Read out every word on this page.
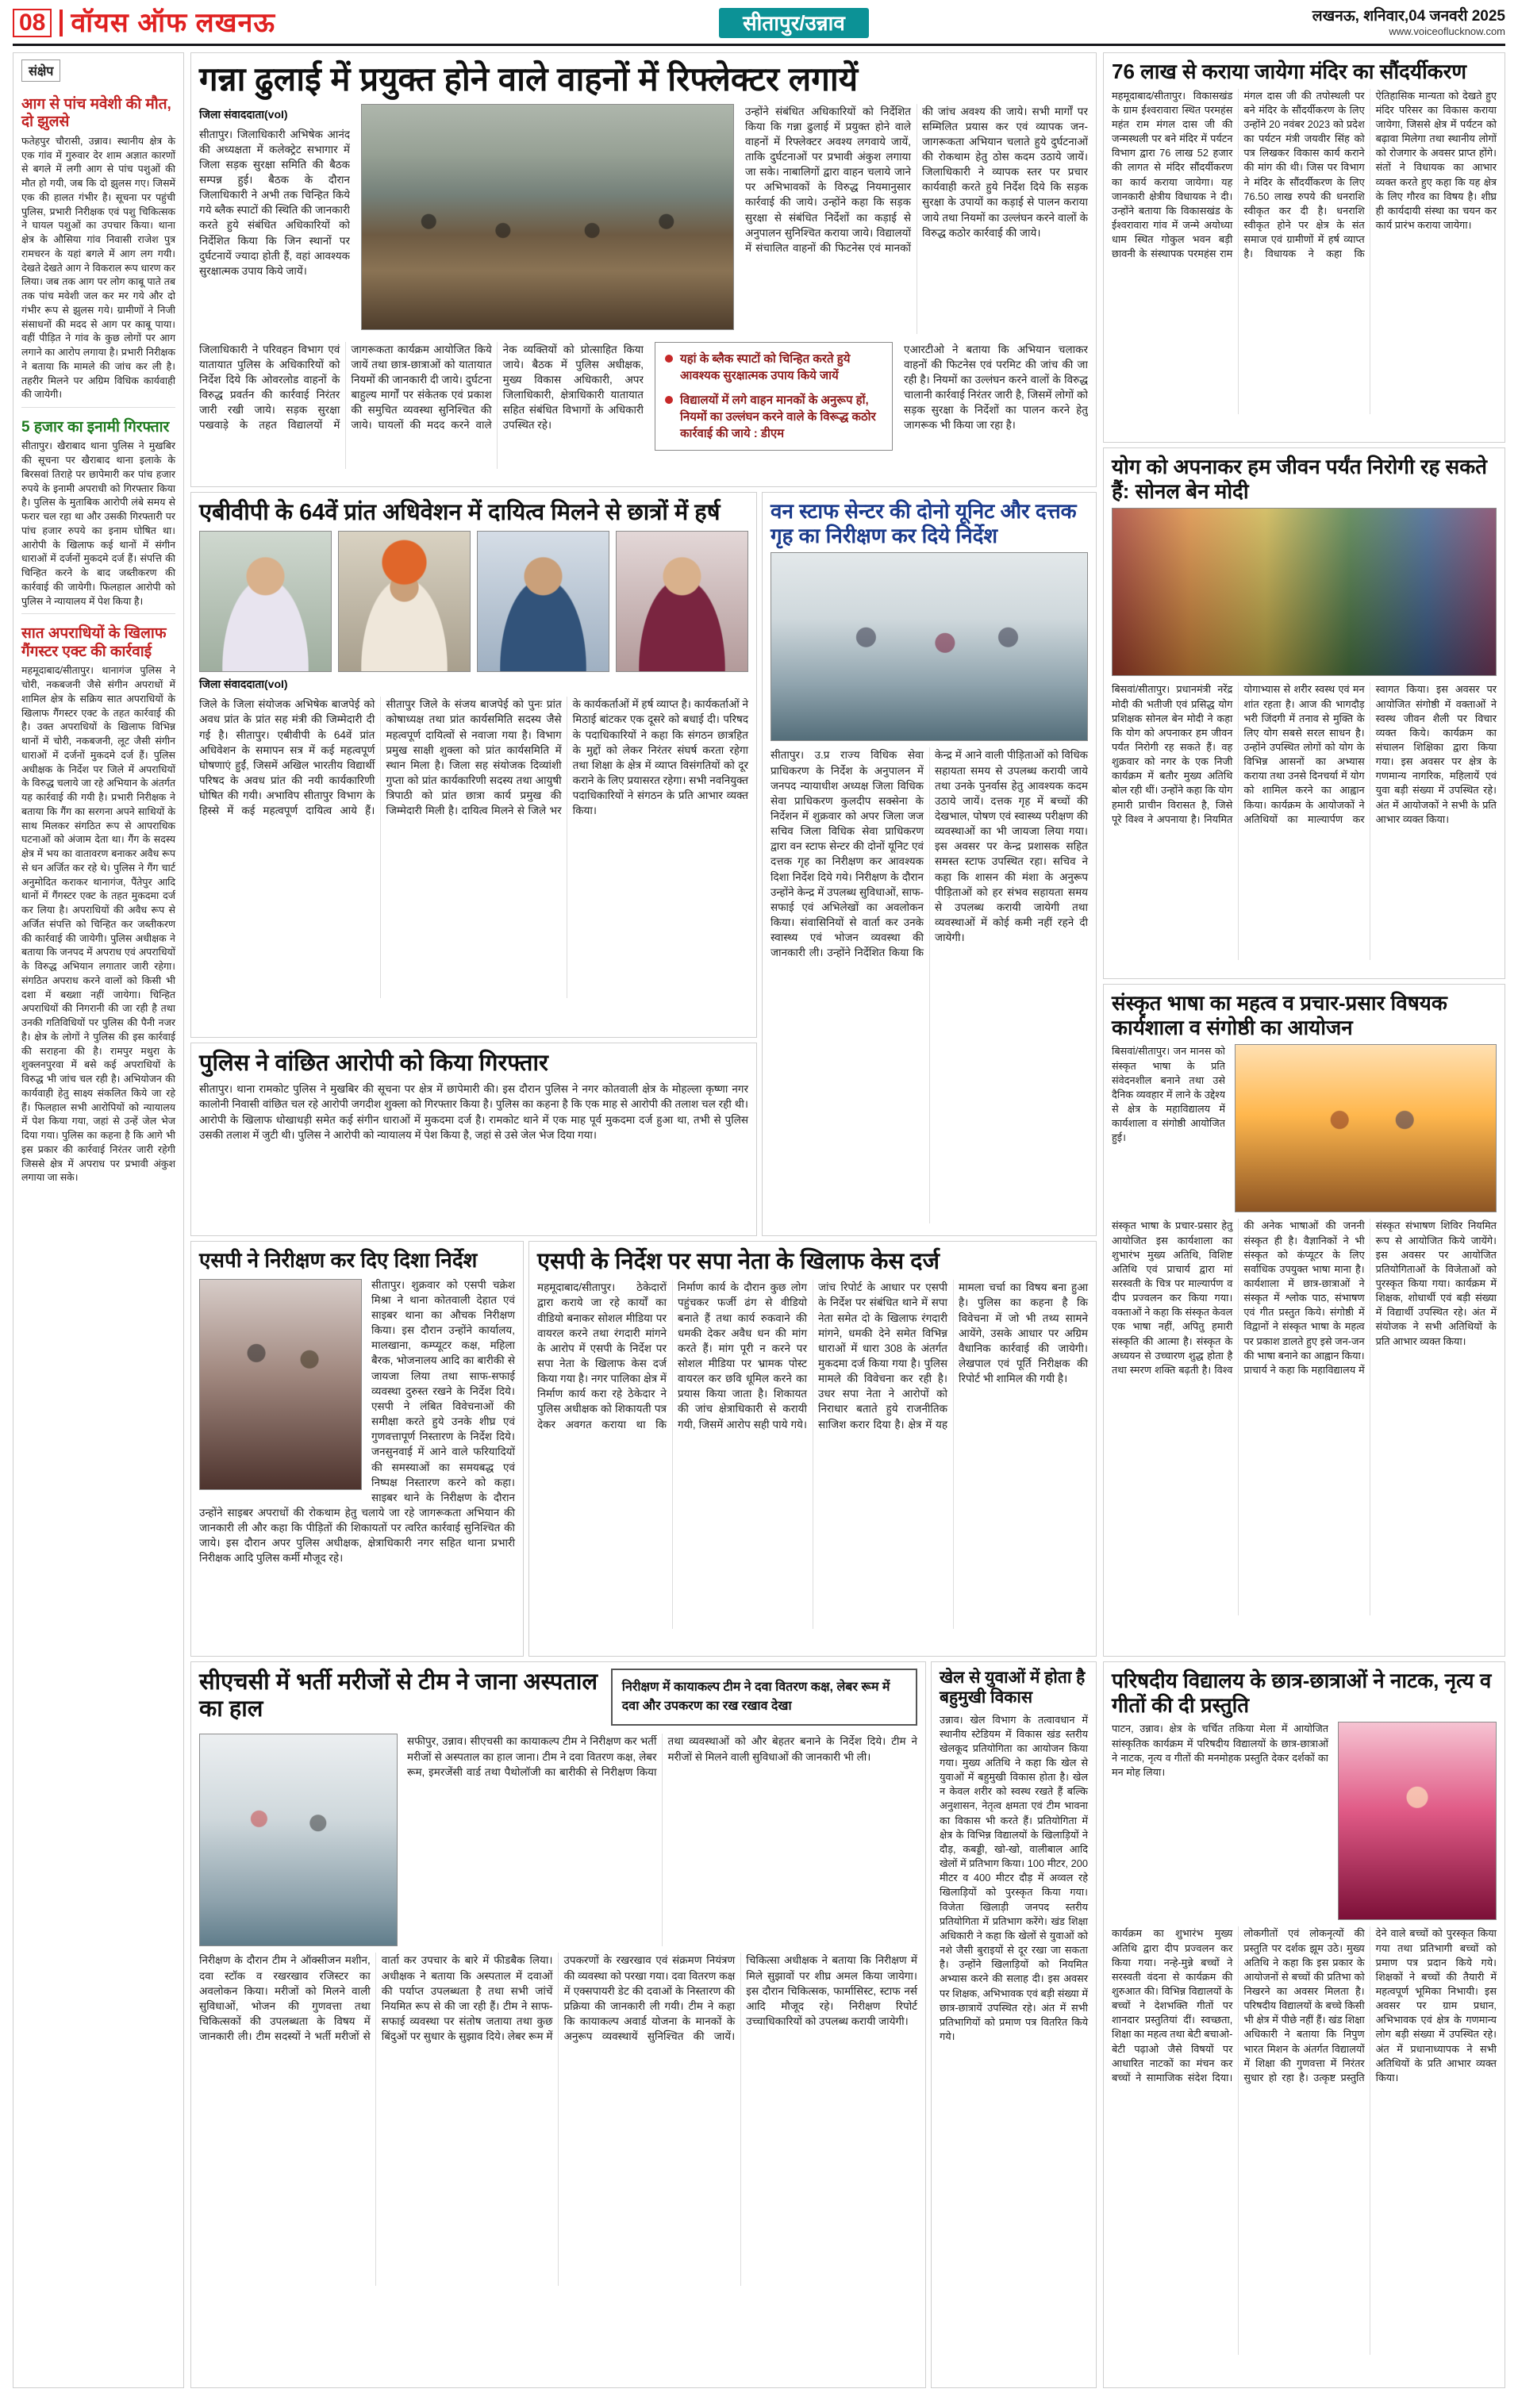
08 वॉयस ऑफ लखनऊ	सीतापुर/उन्नाव	लखनऊ, शनिवार,04 जनवरी 2025
www.voiceoflucknow.com
संक्षेप
आग से पांच मवेशी की मौत, दो झुलसे

फतेहपुर चौरासी, उन्नाव। स्थानीय क्षेत्र के एक गांव में गुरुवार देर शाम अज्ञात कारणों से बगले में लगी आग से पांच पशुओं की मौत हो गयी, जब कि दो झुलस गए। जिसमें एक की हालत गंभीर है। सूचना पर पहुंची पुलिस, प्रभारी निरीक्षक एवं पशु चिकित्सक ने घायल पशुओं का उपचार किया। थाना क्षेत्र के औसिया गांव निवासी राजेश पुत्र रामचरन के यहां बगले में आग लग गयी। देखते देखते आग ने विकराल रूप धारण कर लिया। जब तक आग पर लोग काबू पाते तब तक पांच मवेशी जल कर मर गये और दो गंभीर रूप से झुलस गये। ग्रामीणों ने निजी संसाधनों की मदद से आग पर काबू पाया। वहीं पीड़ित ने गांव के कुछ लोगों पर आग लगाने का आरोप लगाया है। प्रभारी निरीक्षक ने बताया कि मामले की जांच कर ली है। तहरीर मिलने पर अग्रिम विधिक कार्यवाही की जायेगी।

5 हजार का इनामी गिरफ्तार

सीतापुर। खैराबाद थाना पुलिस ने मुखबिर की सूचना पर खैराबाद थाना इलाके के बिरसवां तिराहे पर छापेमारी कर पांच हजार रुपये के इनामी अपराधी को गिरफ्तार किया है। पुलिस के मुताबिक आरोपी लंबे समय से फरार चल रहा था और उसकी गिरफ्तारी पर पांच हजार रुपये का इनाम घोषित था। आरोपी के खिलाफ कई थानों में संगीन धाराओं में दर्जनों मुकदमे दर्ज हैं। संपत्ति की चिन्हित करने के बाद जब्तीकरण की कार्रवाई की जायेगी। फिलहाल आरोपी को पुलिस ने न्यायालय में पेश किया है।

सात अपराधियों के खिलाफ गैंगस्टर एक्ट की कार्रवाई

महमूदाबाद/सीतापुर। थानागंज पुलिस ने चोरी, नकबजनी जैसे संगीन अपराधों में शामिल क्षेत्र के सक्रिय सात अपराधियों के खिलाफ गैंगस्टर एक्ट के तहत कार्रवाई की है। उक्त अपराधियों के खिलाफ विभिन्न थानों में चोरी, नकबजनी, लूट जैसी संगीन धाराओं में दर्जनों मुकदमे दर्ज हैं। पुलिस अधीक्षक के निर्देश पर जिले में अपराधियों के विरुद्ध चलाये जा रहे अभियान के अंतर्गत यह कार्रवाई की गयी है। प्रभारी निरीक्षक ने बताया कि गैंग का सरगना अपने साथियों के साथ मिलकर संगठित रूप से आपराधिक घटनाओं को अंजाम देता था। गैंग के सदस्य क्षेत्र में भय का वातावरण बनाकर अवैध रूप से धन अर्जित कर रहे थे। पुलिस ने गैंग चार्ट अनुमोदित कराकर थानागंज, पैंतेपुर आदि थानों में गैंगस्टर एक्ट के तहत मुकदमा दर्ज कर लिया है। अपराधियों की अवैध रूप से अर्जित संपत्ति को चिन्हित कर जब्तीकरण की कार्रवाई की जायेगी। पुलिस अधीक्षक ने बताया कि जनपद में अपराध एवं अपराधियों के विरुद्ध अभियान लगातार जारी रहेगा। संगठित अपराध करने वालों को किसी भी दशा में बख्शा नहीं जायेगा। चिन्हित अपराधियों की निगरानी की जा रही है तथा उनकी गतिविधियों पर पुलिस की पैनी नजर है। क्षेत्र के लोगों ने पुलिस की इस कार्रवाई की सराहना की है। रामपुर मथुरा के शुक्लनपुरवा में बसे कई अपराधियों के विरुद्ध भी जांच चल रही है। अभियोजन की कार्यवाही हेतु साक्ष्य संकलित किये जा रहे हैं। फिलहाल सभी आरोपियों को न्यायालय में पेश किया गया, जहां से उन्हें जेल भेज दिया गया। पुलिस का कहना है कि आगे भी इस प्रकार की कार्रवाई निरंतर जारी रहेगी जिससे क्षेत्र में अपराध पर प्रभावी अंकुश लगाया जा सके।

गन्ना ढुलाई में प्रयुक्त होने वाले वाहनों में रिफ्लेक्टर लगायें
जिला संवाददाता(voI)

सीतापुर। जिलाधिकारी अभिषेक आनंद की अध्यक्षता में कलेक्ट्रेट सभागार में जिला सड़क सुरक्षा समिति की बैठक सम्पन्न हुई। बैठक के दौरान जिलाधिकारी ने अभी तक चिन्हित किये गये ब्लैक स्पाटों की स्थिति की जानकारी करते हुये संबंधित अधिकारियों को निर्देशित किया कि जिन स्थानों पर दुर्घटनायें ज्यादा होती हैं, वहां आवश्यक सुरक्षात्मक उपाय किये जायें।

उन्होंने संबंधित अधिकारियों को निर्देशित किया कि गन्ना ढुलाई में प्रयुक्त होने वाले वाहनों में रिफ्लेक्टर अवश्य लगवाये जायें, ताकि दुर्घटनाओं पर प्रभावी अंकुश लगाया जा सके। नाबालिगों द्वारा वाहन चलाये जाने पर अभिभावकों के विरुद्ध नियमानुसार कार्रवाई की जाये। उन्होंने कहा कि सड़क सुरक्षा से संबंधित निर्देशों का कड़ाई से अनुपालन सुनिश्चित कराया जाये। विद्यालयों में संचालित वाहनों की फिटनेस एवं मानकों की जांच अवश्य की जाये। सभी मार्गों पर सम्मिलित प्रयास कर एवं व्यापक जन-जागरूकता अभियान चलाते हुये दुर्घटनाओं की रोकथाम हेतु ठोस कदम उठाये जायें। जिलाधिकारी ने व्यापक स्तर पर प्रचार कार्यवाही करते हुये निर्देश दिये कि सड़क सुरक्षा के उपायों का कड़ाई से पालन कराया जाये तथा नियमों का उल्लंघन करने वालों के विरुद्ध कठोर कार्रवाई की जाये।

जिलाधिकारी ने परिवहन विभाग एवं यातायात पुलिस के अधिकारियों को निर्देश दिये कि ओवरलोड वाहनों के विरुद्ध प्रवर्तन की कार्रवाई निरंतर जारी रखी जाये। सड़क सुरक्षा पखवाड़े के तहत विद्यालयों में जागरूकता कार्यक्रम आयोजित किये जायें तथा छात्र-छात्राओं को यातायात नियमों की जानकारी दी जाये। दुर्घटना बाहुल्य मार्गों पर संकेतक एवं प्रकाश की समुचित व्यवस्था सुनिश्चित की जाये। घायलों की मदद करने वाले नेक व्यक्तियों को प्रोत्साहित किया जाये। बैठक में पुलिस अधीक्षक, मुख्य विकास अधिकारी, अपर जिलाधिकारी, क्षेत्राधिकारी यातायात सहित संबंधित विभागों के अधिकारी उपस्थित रहे।

यहां के ब्लैक स्पाटों को चिन्हित करते हुये आवश्यक सुरक्षात्मक उपाय किये जायें
विद्यालयों में लगे वाहन मानकों के अनुरूप हों, नियमों का उल्लंघन करने वाले के विरूद्ध कठोर कार्रवाई की जाये : डीएम

एआरटीओ ने बताया कि अभियान चलाकर वाहनों की फिटनेस एवं परमिट की जांच की जा रही है। नियमों का उल्लंघन करने वालों के विरुद्ध चालानी कार्रवाई निरंतर जारी है, जिसमें लोगों को सड़क सुरक्षा के निर्देशों का पालन करने हेतु जागरूक भी किया जा रहा है।

एबीवीपी के 64वें प्रांत अधिवेशन में दायित्व मिलने से छात्रों में हर्ष
जिला संवाददाता(voI)

जिले के जिला संयोजक अभिषेक बाजपेई को अवध प्रांत के प्रांत सह मंत्री की जिम्मेदारी दी गई है। सीतापुर। एबीवीपी के 64वें प्रांत अधिवेशन के समापन सत्र में कई महत्वपूर्ण घोषणाएं हुईं, जिसमें अखिल भारतीय विद्यार्थी परिषद के अवध प्रांत की नयी कार्यकारिणी घोषित की गयी। अभाविप सीतापुर विभाग के हिस्से में कई महत्वपूर्ण दायित्व आये हैं। सीतापुर जिले के संजय बाजपेई को पुनः प्रांत कोषाध्यक्ष तथा प्रांत कार्यसमिति सदस्य जैसे महत्वपूर्ण दायित्वों से नवाजा गया है। विभाग प्रमुख साक्षी शुक्ला को प्रांत कार्यसमिति में स्थान मिला है। जिला सह संयोजक दिव्यांशी गुप्ता को प्रांत कार्यकारिणी सदस्य तथा आयुषी त्रिपाठी को प्रांत छात्रा कार्य प्रमुख की जिम्मेदारी मिली है। दायित्व मिलने से जिले भर के कार्यकर्ताओं में हर्ष व्याप्त है। कार्यकर्ताओं ने मिठाई बांटकर एक दूसरे को बधाई दी। परिषद के पदाधिकारियों ने कहा कि संगठन छात्रहित के मुद्दों को लेकर निरंतर संघर्ष करता रहेगा तथा शिक्षा के क्षेत्र में व्याप्त विसंगतियों को दूर कराने के लिए प्रयासरत रहेगा। सभी नवनियुक्त पदाधिकारियों ने संगठन के प्रति आभार व्यक्त किया।

वन स्टाफ सेन्टर की दोनो यूनिट और दत्तक गृह का निरीक्षण कर दिये निर्देश

सीतापुर। उ.प्र राज्य विधिक सेवा प्राधिकरण के निर्देश के अनुपालन में जनपद न्यायाधीश अध्यक्ष जिला विधिक सेवा प्राधिकरण कुलदीप सक्सेना के निर्देशन में शुक्रवार को अपर जिला जज सचिव जिला विधिक सेवा प्राधिकरण द्वारा वन स्टाफ सेन्टर की दोनों यूनिट एवं दत्तक गृह का निरीक्षण कर आवश्यक दिशा निर्देश दिये गये। निरीक्षण के दौरान उन्होंने केन्द्र में उपलब्ध सुविधाओं, साफ-सफाई एवं अभिलेखों का अवलोकन किया। संवासिनियों से वार्ता कर उनके स्वास्थ्य एवं भोजन व्यवस्था की जानकारी ली। उन्होंने निर्देशित किया कि केन्द्र में आने वाली पीड़िताओं को विधिक सहायता समय से उपलब्ध करायी जाये तथा उनके पुनर्वास हेतु आवश्यक कदम उठाये जायें। दत्तक गृह में बच्चों की देखभाल, पोषण एवं स्वास्थ्य परीक्षण की व्यवस्थाओं का भी जायजा लिया गया। इस अवसर पर केन्द्र प्रशासक सहित समस्त स्टाफ उपस्थित रहा। सचिव ने कहा कि शासन की मंशा के अनुरूप पीड़िताओं को हर संभव सहायता समय से उपलब्ध करायी जायेगी तथा व्यवस्थाओं में कोई कमी नहीं रहने दी जायेगी।

पुलिस ने वांछित आरोपी को किया गिरफ्तार

सीतापुर। थाना रामकोट पुलिस ने मुखबिर की सूचना पर क्षेत्र में छापेमारी की। इस दौरान पुलिस ने नगर कोतवाली क्षेत्र के मोहल्ला कृष्णा नगर कालोनी निवासी वांछित चल रहे आरोपी जगदीश शुक्ला को गिरफ्तार किया है। पुलिस का कहना है कि एक माह से आरोपी की तलाश चल रही थी। आरोपी के खिलाफ धोखाधड़ी समेत कई संगीन धाराओं में मुकदमा दर्ज है। रामकोट थाने में एक माह पूर्व मुकदमा दर्ज हुआ था, तभी से पुलिस उसकी तलाश में जुटी थी। पुलिस ने आरोपी को न्यायालय में पेश किया है, जहां से उसे जेल भेज दिया गया।

एसपी ने निरीक्षण कर दिए दिशा निर्देश

सीतापुर। शुक्रवार को एसपी चक्रेश मिश्रा ने थाना कोतवाली देहात एवं साइबर थाना का औचक निरीक्षण किया। इस दौरान उन्होंने कार्यालय, मालखाना, कम्प्यूटर कक्ष, महिला बैरक, भोजनालय आदि का बारीकी से जायजा लिया तथा साफ-सफाई व्यवस्था दुरुस्त रखने के निर्देश दिये। एसपी ने लंबित विवेचनाओं की समीक्षा करते हुये उनके शीघ्र एवं गुणवत्तापूर्ण निस्तारण के निर्देश दिये। जनसुनवाई में आने वाले फरियादियों की समस्याओं का समयबद्ध एवं निष्पक्ष निस्तारण करने को कहा। साइबर थाने के निरीक्षण के दौरान उन्होंने साइबर अपराधों की रोकथाम हेतु चलाये जा रहे जागरूकता अभियान की जानकारी ली और कहा कि पीड़ितों की शिकायतों पर त्वरित कार्रवाई सुनिश्चित की जाये। इस दौरान अपर पुलिस अधीक्षक, क्षेत्राधिकारी नगर सहित थाना प्रभारी निरीक्षक आदि पुलिस कर्मी मौजूद रहे।

एसपी के निर्देश पर सपा नेता के खिलाफ केस दर्ज

महमूदाबाद/सीतापुर। ठेकेदारों द्वारा कराये जा रहे कार्यों का वीडियो बनाकर सोशल मीडिया पर वायरल करने तथा रंगदारी मांगने के आरोप में एसपी के निर्देश पर सपा नेता के खिलाफ केस दर्ज किया गया है। नगर पालिका क्षेत्र में निर्माण कार्य करा रहे ठेकेदार ने पुलिस अधीक्षक को शिकायती पत्र देकर अवगत कराया था कि निर्माण कार्य के दौरान कुछ लोग पहुंचकर फर्जी ढंग से वीडियो बनाते हैं तथा कार्य रुकवाने की धमकी देकर अवैध धन की मांग करते हैं। मांग पूरी न करने पर सोशल मीडिया पर भ्रामक पोस्ट वायरल कर छवि धूमिल करने का प्रयास किया जाता है। शिकायत की जांच क्षेत्राधिकारी से करायी गयी, जिसमें आरोप सही पाये गये। जांच रिपोर्ट के आधार पर एसपी के निर्देश पर संबंधित थाने में सपा नेता समेत दो के खिलाफ रंगदारी मांगने, धमकी देने समेत विभिन्न धाराओं में धारा 308 के अंतर्गत मुकदमा दर्ज किया गया है। पुलिस मामले की विवेचना कर रही है। उधर सपा नेता ने आरोपों को निराधार बताते हुये राजनीतिक साजिश करार दिया है। क्षेत्र में यह मामला चर्चा का विषय बना हुआ है। पुलिस का कहना है कि विवेचना में जो भी तथ्य सामने आयेंगे, उसके आधार पर अग्रिम वैधानिक कार्रवाई की जायेगी। लेखपाल एवं पूर्ति निरीक्षक की रिपोर्ट भी शामिल की गयी है।

सीएचसी में भर्ती मरीजों से टीम ने जाना अस्पताल का हाल
निरीक्षण में कायाकल्प टीम ने दवा वितरण कक्ष, लेबर रूम में दवा और उपकरण का रख रखाव देखा

सफीपुर, उन्नाव। सीएचसी का कायाकल्प टीम ने निरीक्षण कर भर्ती मरीजों से अस्पताल का हाल जाना। टीम ने दवा वितरण कक्ष, लेबर रूम, इमरजेंसी वार्ड तथा पैथोलॉजी का बारीकी से निरीक्षण किया तथा व्यवस्थाओं को और बेहतर बनाने के निर्देश दिये। टीम ने मरीजों से मिलने वाली सुविधाओं की जानकारी भी ली।

निरीक्षण के दौरान टीम ने ऑक्सीजन मशीन, दवा स्टॉक व रखरखाव रजिस्टर का अवलोकन किया। मरीजों को मिलने वाली सुविधाओं, भोजन की गुणवत्ता तथा चिकित्सकों की उपलब्धता के विषय में जानकारी ली। टीम सदस्यों ने भर्ती मरीजों से वार्ता कर उपचार के बारे में फीडबैक लिया। अधीक्षक ने बताया कि अस्पताल में दवाओं की पर्याप्त उपलब्धता है तथा सभी जांचें नियमित रूप से की जा रही हैं। टीम ने साफ-सफाई व्यवस्था पर संतोष जताया तथा कुछ बिंदुओं पर सुधार के सुझाव दिये। लेबर रूम में उपकरणों के रखरखाव एवं संक्रमण नियंत्रण की व्यवस्था को परखा गया। दवा वितरण कक्ष में एक्सपायरी डेट की दवाओं के निस्तारण की प्रक्रिया की जानकारी ली गयी। टीम ने कहा कि कायाकल्प अवार्ड योजना के मानकों के अनुरूप व्यवस्थायें सुनिश्चित की जायें। चिकित्सा अधीक्षक ने बताया कि निरीक्षण में मिले सुझावों पर शीघ्र अमल किया जायेगा। इस दौरान चिकित्सक, फार्मासिस्ट, स्टाफ नर्स आदि मौजूद रहे। निरीक्षण रिपोर्ट उच्चाधिकारियों को उपलब्ध करायी जायेगी।

खेल से युवाओं में होता है बहुमुखी विकास

उन्नाव। खेल विभाग के तत्वावधान में स्थानीय स्टेडियम में विकास खंड स्तरीय खेलकूद प्रतियोगिता का आयोजन किया गया। मुख्य अतिथि ने कहा कि खेल से युवाओं में बहुमुखी विकास होता है। खेल न केवल शरीर को स्वस्थ रखते हैं बल्कि अनुशासन, नेतृत्व क्षमता एवं टीम भावना का विकास भी करते हैं। प्रतियोगिता में क्षेत्र के विभिन्न विद्यालयों के खिलाड़ियों ने दौड़, कबड्डी, खो-खो, वालीबाल आदि खेलों में प्रतिभाग किया। 100 मीटर, 200 मीटर व 400 मीटर दौड़ में अव्वल रहे खिलाड़ियों को पुरस्कृत किया गया। विजेता खिलाड़ी जनपद स्तरीय प्रतियोगिता में प्रतिभाग करेंगे। खंड शिक्षा अधिकारी ने कहा कि खेलों से युवाओं को नशे जैसी बुराइयों से दूर रखा जा सकता है। उन्होंने खिलाड़ियों को नियमित अभ्यास करने की सलाह दी। इस अवसर पर शिक्षक, अभिभावक एवं बड़ी संख्या में छात्र-छात्रायें उपस्थित रहे। अंत में सभी प्रतिभागियों को प्रमाण पत्र वितरित किये गये।

76 लाख से कराया जायेगा मंदिर का सौंदर्यीकरण

महमूदाबाद/सीतापुर। विकासखंड के ग्राम ईश्वरावारा स्थित परमहंस महंत राम मंगल दास जी की जन्मस्थली पर बने मंदिर में पर्यटन विभाग द्वारा 76 लाख 52 हजार की लागत से मंदिर सौंदर्यीकरण का कार्य कराया जायेगा। यह जानकारी क्षेत्रीय विधायक ने दी। उन्होंने बताया कि विकासखंड के ईश्वरावारा गांव में जन्मे अयोध्या धाम स्थित गोकुल भवन बड़ी छावनी के संस्थापक परमहंस राम मंगल दास जी की तपोस्थली पर बने मंदिर के सौंदर्यीकरण के लिए उन्होंने 20 नवंबर 2023 को प्रदेश का पर्यटन मंत्री जयवीर सिंह को पत्र लिखकर विकास कार्य कराने की मांग की थी। जिस पर विभाग ने मंदिर के सौंदर्यीकरण के लिए 76.50 लाख रुपये की धनराशि स्वीकृत कर दी है। धनराशि स्वीकृत होने पर क्षेत्र के संत समाज एवं ग्रामीणों में हर्ष व्याप्त है। विधायक ने कहा कि ऐतिहासिक मान्यता को देखते हुए मंदिर परिसर का विकास कराया जायेगा, जिससे क्षेत्र में पर्यटन को बढ़ावा मिलेगा तथा स्थानीय लोगों को रोजगार के अवसर प्राप्त होंगे। संतों ने विधायक का आभार व्यक्त करते हुए कहा कि यह क्षेत्र के लिए गौरव का विषय है। शीघ्र ही कार्यदायी संस्था का चयन कर कार्य प्रारंभ कराया जायेगा।

योग को अपनाकर हम जीवन पर्यंत निरोगी रह सकते हैं: सोनल बेन मोदी

बिसवां/सीतापुर। प्रधानमंत्री नरेंद्र मोदी की भतीजी एवं प्रसिद्ध योग प्रशिक्षक सोनल बेन मोदी ने कहा कि योग को अपनाकर हम जीवन पर्यंत निरोगी रह सकते हैं। वह शुक्रवार को नगर के एक निजी कार्यक्रम में बतौर मुख्य अतिथि बोल रही थीं। उन्होंने कहा कि योग हमारी प्राचीन विरासत है, जिसे पूरे विश्व ने अपनाया है। नियमित योगाभ्यास से शरीर स्वस्थ एवं मन शांत रहता है। आज की भागदौड़ भरी जिंदगी में तनाव से मुक्ति के लिए योग सबसे सरल साधन है। उन्होंने उपस्थित लोगों को योग के विभिन्न आसनों का अभ्यास कराया तथा उनसे दिनचर्या में योग को शामिल करने का आह्वान किया। कार्यक्रम के आयोजकों ने अतिथियों का माल्यार्पण कर स्वागत किया। इस अवसर पर आयोजित संगोष्ठी में वक्ताओं ने स्वस्थ जीवन शैली पर विचार व्यक्त किये। कार्यक्रम का संचालन शिक्षिका द्वारा किया गया। इस अवसर पर क्षेत्र के गणमान्य नागरिक, महिलायें एवं युवा बड़ी संख्या में उपस्थित रहे। अंत में आयोजकों ने सभी के प्रति आभार व्यक्त किया।

संस्कृत भाषा का महत्व व प्रचार-प्रसार विषयक कार्यशाला व संगोष्ठी का आयोजन

बिसवां/सीतापुर। जन मानस को संस्कृत भाषा के प्रति संवेदनशील बनाने तथा उसे दैनिक व्यवहार में लाने के उद्देश्य से क्षेत्र के महाविद्यालय में कार्यशाला व संगोष्ठी आयोजित हुई।

संस्कृत भाषा के प्रचार-प्रसार हेतु आयोजित इस कार्यशाला का शुभारंभ मुख्य अतिथि, विशिष्ट अतिथि एवं प्राचार्य द्वारा मां सरस्वती के चित्र पर माल्यार्पण व दीप प्रज्वलन कर किया गया। वक्ताओं ने कहा कि संस्कृत केवल एक भाषा नहीं, अपितु हमारी संस्कृति की आत्मा है। संस्कृत के अध्ययन से उच्चारण शुद्ध होता है तथा स्मरण शक्ति बढ़ती है। विश्व की अनेक भाषाओं की जननी संस्कृत ही है। वैज्ञानिकों ने भी संस्कृत को कंप्यूटर के लिए सर्वाधिक उपयुक्त भाषा माना है। कार्यशाला में छात्र-छात्राओं ने संस्कृत में श्लोक पाठ, संभाषण एवं गीत प्रस्तुत किये। संगोष्ठी में विद्वानों ने संस्कृत भाषा के महत्व पर प्रकाश डालते हुए इसे जन-जन की भाषा बनाने का आह्वान किया। प्राचार्य ने कहा कि महाविद्यालय में संस्कृत संभाषण शिविर नियमित रूप से आयोजित किये जायेंगे। इस अवसर पर आयोजित प्रतियोगिताओं के विजेताओं को पुरस्कृत किया गया। कार्यक्रम में शिक्षक, शोधार्थी एवं बड़ी संख्या में विद्यार्थी उपस्थित रहे। अंत में संयोजक ने सभी अतिथियों के प्रति आभार व्यक्त किया।

परिषदीय विद्यालय के छात्र-छात्राओं ने नाटक, नृत्य व गीतों की दी प्रस्तुति

पाटन, उन्नाव। क्षेत्र के चर्चित तकिया मेला में आयोजित सांस्कृतिक कार्यक्रम में परिषदीय विद्यालयों के छात्र-छात्राओं ने नाटक, नृत्य व गीतों की मनमोहक प्रस्तुति देकर दर्शकों का मन मोह लिया।

कार्यक्रम का शुभारंभ मुख्य अतिथि द्वारा दीप प्रज्वलन कर किया गया। नन्हे-मुन्ने बच्चों ने सरस्वती वंदना से कार्यक्रम की शुरुआत की। विभिन्न विद्यालयों के बच्चों ने देशभक्ति गीतों पर शानदार प्रस्तुतियां दीं। स्वच्छता, शिक्षा का महत्व तथा बेटी बचाओ-बेटी पढ़ाओ जैसे विषयों पर आधारित नाटकों का मंचन कर बच्चों ने सामाजिक संदेश दिया। लोकगीतों एवं लोकनृत्यों की प्रस्तुति पर दर्शक झूम उठे। मुख्य अतिथि ने कहा कि इस प्रकार के आयोजनों से बच्चों की प्रतिभा को निखरने का अवसर मिलता है। परिषदीय विद्यालयों के बच्चे किसी भी क्षेत्र में पीछे नहीं हैं। खंड शिक्षा अधिकारी ने बताया कि निपुण भारत मिशन के अंतर्गत विद्यालयों में शिक्षा की गुणवत्ता में निरंतर सुधार हो रहा है। उत्कृष्ट प्रस्तुति देने वाले बच्चों को पुरस्कृत किया गया तथा प्रतिभागी बच्चों को प्रमाण पत्र प्रदान किये गये। शिक्षकों ने बच्चों की तैयारी में महत्वपूर्ण भूमिका निभायी। इस अवसर पर ग्राम प्रधान, अभिभावक एवं क्षेत्र के गणमान्य लोग बड़ी संख्या में उपस्थित रहे। अंत में प्रधानाध्यापक ने सभी अतिथियों के प्रति आभार व्यक्त किया।
